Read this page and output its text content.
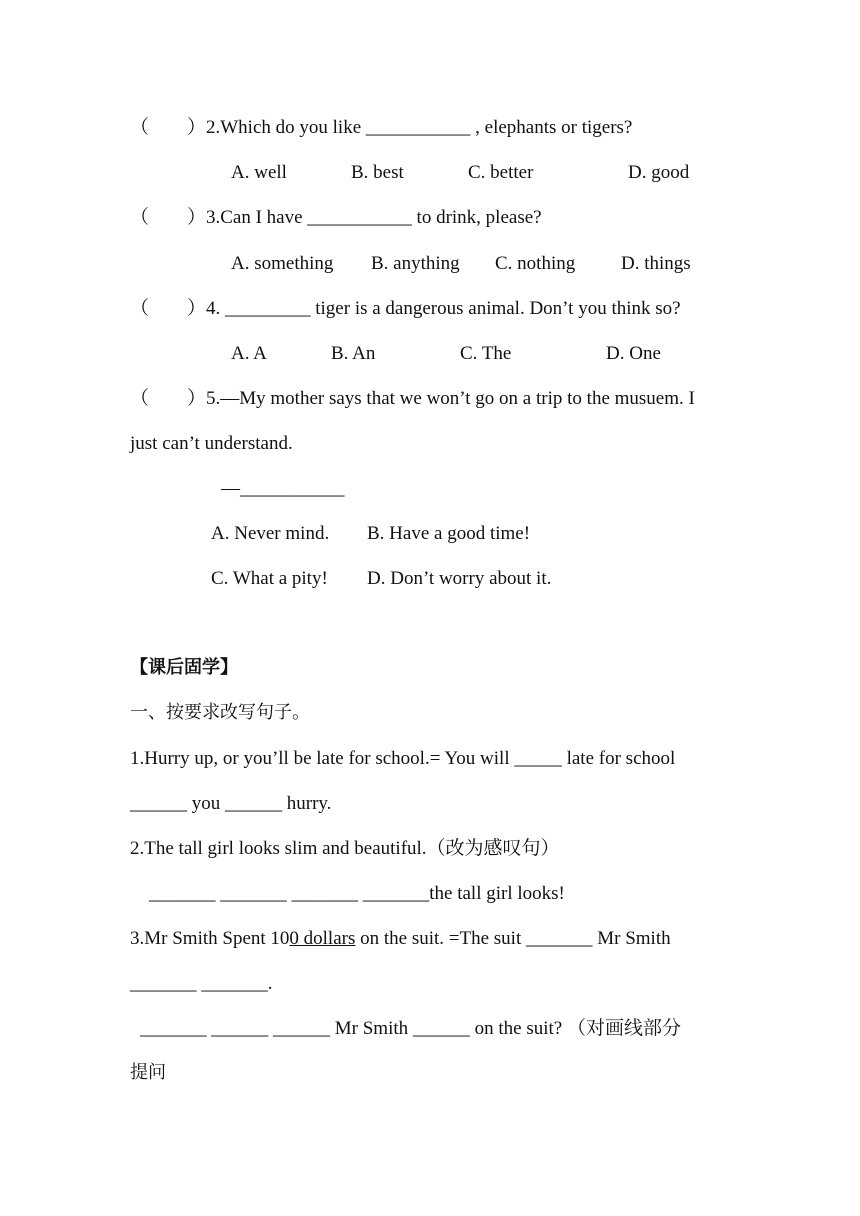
（　　）2.Which do you like ___________ , elephants or tigers?
A. well	B. best	C. better	D. good
（　　）3.Can I have ___________ to drink, please?
A. something B. anything C. nothing D. things
（　　）4. _________ tiger is a dangerous animal. Don’t you think so?
A. A	B. An	C. The	D. One
（　　）5.—My mother says that we won’t go on a trip to the musuem. I
just can’t understand.
—___________
A. Never mind. B. Have a good time!
C. What a pity! D. Don’t worry about it.
【课后固学】
一、按要求改写句子。
1.Hurry up, or you’ll be late for school.= You will _____ late for school
______ you ______ hurry.
2.The tall girl looks slim and beautiful.（改为感叹句）
_______ _______ _______ _______the tall girl looks!
3.Mr Smith Spent 100 dollars on the suit. =The suit _______ Mr Smith
_______ _______.
_______ ______ ______ Mr Smith ______ on the suit? （对画线部分
提问
